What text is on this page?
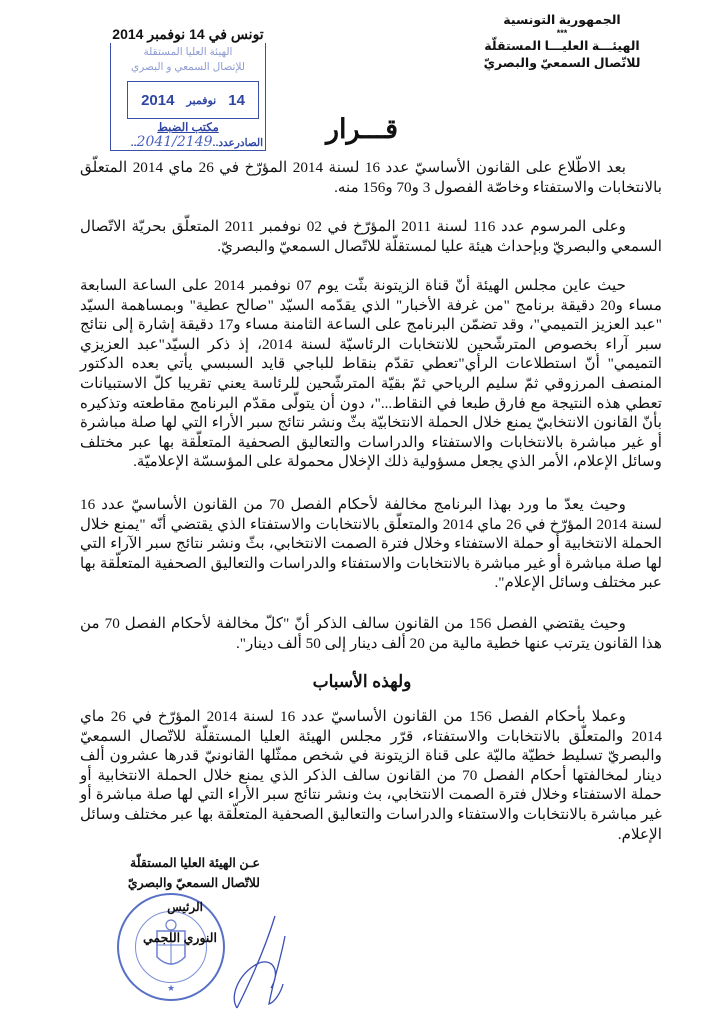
الجمهورية التونسية
***
الهيئـــة العليـــا المستقلّة
للاتّصال السمعيّ والبصريّ
الهيئة العليا المستقلة
للإتصال السمعي و البصري
تونس في 14 نوفمبر 2014
14
نوفمبر
2014
مكتب الضبط
الصادرعدد..2041/2149..	قـــرار
بعد الاطّلاع على القانون الأساسيّ عدد 16 لسنة 2014 المؤرّخ في 26 ماي 2014 المتعلّق بالانتخابات والاستفتاء وخاصّة الفصول 3 و70 و156 منه.
وعلى المرسوم عدد 116 لسنة 2011 المؤرّخ في 02 نوفمبر 2011 المتعلّق بحريّة الاتّصال السمعي والبصريّ وبإحداث هيئة عليا لمستقلّة للاتّصال السمعيّ والبصريّ.
حيث عاين مجلس الهيئة أنّ قناة الزيتونة بثّت يوم 07 نوفمبر 2014 على الساعة السابعة مساء و20 دقيقة برنامج "من غرفة الأخبار" الذي يقدّمه السيّد "صالح عطية" وبمساهمة السيّد "عبد العزيز التميمي"، وقد تضمّن البرنامج على الساعة الثامنة مساء و17 دقيقة إشارة إلى نتائج سبر آراء بخصوص المترشّحين للانتخابات الرئاسيّة لسنة 2014، إذ ذكر السيّد"عبد العزيزي التميمي" أنّ استطلاعات الرأي"تعطي تقدّم بنقاط للباجي قايد السبسي يأتي بعده الدكتور المنصف المرزوقي ثمّ سليم الرياحي ثمّ بقيّة المترشّحين للرئاسة يعني تقريبا كلّ الاستبيانات تعطي هذه النتيجة مع فارق طبعا في النقاط..."، دون أن يتولّى مقدّم البرنامج مقاطعته وتذكيره بأنّ القانون الانتخابيّ يمنع خلال الحملة الانتخابيّة بثّ ونشر نتائج سبر الأراء التي لها صلة مباشرة أو غير مباشرة بالانتخابات والاستفتاء والدراسات والتعاليق الصحفية المتعلّقة بها عبر مختلف وسائل الإعلام، الأمر الذي يجعل مسؤولية ذلك الإخلال محمولة على المؤسسّة الإعلاميّة.
وحيث يعدّ ما ورد بهذا البرنامج مخالفة لأحكام الفصل 70 من القانون الأساسيّ عدد 16 لسنة 2014 المؤرّخ في 26 ماي 2014 والمتعلّق بالانتخابات والاستفتاء الذي يقتضي أنّه "يمنع خلال الحملة الانتخابية أو حملة الاستفتاء وخلال فترة الصمت الانتخابي، بثّ ونشر نتائج سبر الآراء التي لها صلة مباشرة أو غير مباشرة بالانتخابات والاستفتاء والدراسات والتعاليق الصحفية المتعلّقة بها عبر مختلف وسائل الإعلام".
وحيث يقتضي الفصل 156 من القانون سالف الذكر أنّ "كلّ مخالفة لأحكام الفصل 70 من هذا القانون يترتب عنها خطية مالية من 20 ألف دينار إلى 50 ألف دينار".
ولهذه الأسباب
وعملا بأحكام الفصل 156 من القانون الأساسيّ عدد 16 لسنة 2014 المؤرّخ في 26 ماي 2014 والمتعلّق بالانتخابات والاستفتاء، قرّر مجلس الهيئة العليا المستقلّة للاتّصال السمعيّ والبصريّ تسليط خطيّة ماليّة على قناة الزيتونة في شخص ممثّلها القانونيّ قدرها عشرون ألف دينار لمخالفتها أحكام الفصل 70 من القانون سالف الذكر الذي يمنع خلال الحملة الانتخابية أو حملة الاستفتاء وخلال فترة الصمت الانتخابي، بث ونشر نتائج سبر الأراء التي لها صلة مباشرة أو غير مباشرة بالانتخابات والاستفتاء والدراسات والتعاليق الصحفية المتعلّقة بها عبر مختلف وسائل الإعلام.
عـن الهيئة العليا المستقلّة
للاتّصال السمعيّ والبصريّ
★
الرئيس
النوري اللجمي
